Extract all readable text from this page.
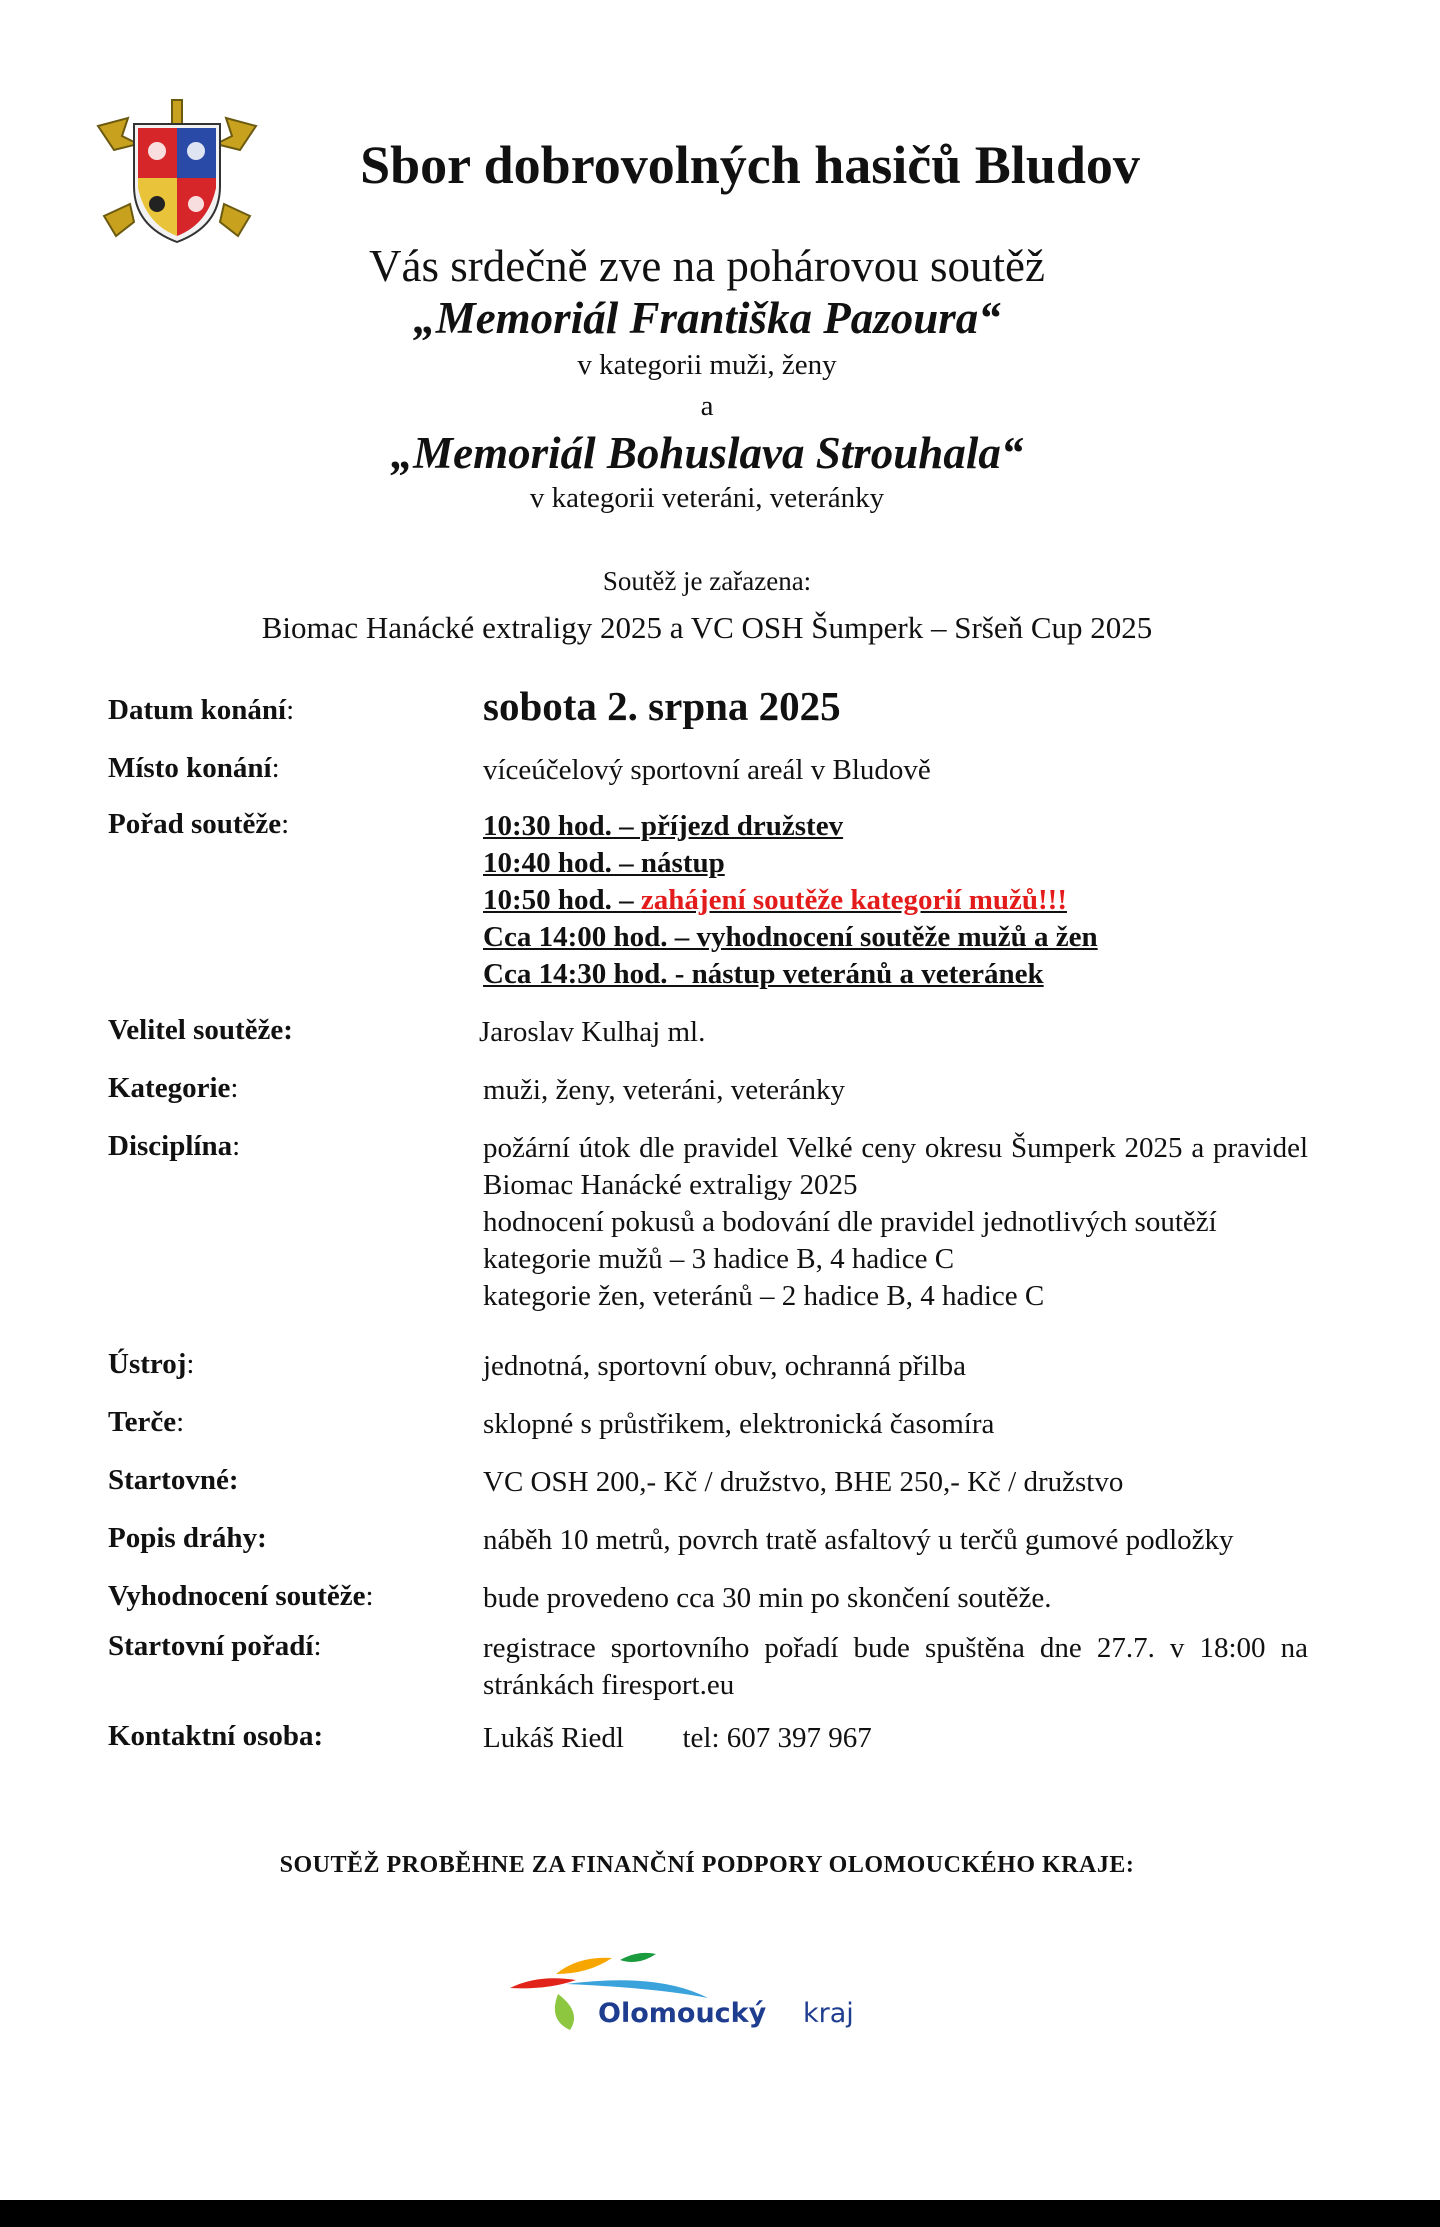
Sbor dobrovolných hasičů Bludov
Vás srdečně zve na pohárovou soutěž
„Memoriál Františka Pazoura“
v kategorii muži, ženy
a
„Memoriál Bohuslava Strouhala“
v kategorii veteráni, veteránky
Soutěž je zařazena:
Biomac Hanácké extraligy 2025 a VC OSH Šumperk – Sršeň Cup 2025
Datum konání:	sobota 2. srpna 2025
Místo konání:	víceúčelový sportovní areál v Bludově
Pořad soutěže:	10:30 hod. – příjezd družstev
10:40 hod. – nástup
10:50 hod. – zahájení soutěže kategorií mužů!!!
Cca 14:00 hod. – vyhodnocení soutěže mužů a žen
Cca 14:30 hod. - nástup veteránů a veteránek
Velitel soutěže:	Jaroslav Kulhaj ml.
Kategorie:	muži, ženy, veteráni, veteránky
Disciplína:	požární útok dle pravidel Velké ceny okresu Šumperk 2025 a pravidel Biomac Hanácké extraligy 2025
hodnocení pokusů a bodování dle pravidel jednotlivých soutěží
kategorie mužů – 3 hadice B, 4 hadice C
kategorie žen, veteránů – 2 hadice B, 4 hadice C
Ústroj:	jednotná, sportovní obuv, ochranná přilba
Terče:	sklopné s průstřikem, elektronická časomíra
Startovné:	VC OSH 200,- Kč / družstvo, BHE 250,- Kč / družstvo
Popis dráhy:	náběh 10 metrů, povrch tratě asfaltový u terčů gumové podložky
Vyhodnocení soutěže:	bude provedeno cca 30 min po skončení soutěže.
Startovní pořadí:	registrace sportovního pořadí bude spuštěna dne 27.7. v 18:00 na stránkách firesport.eu
Kontaktní osoba:	Lukáš Riedl tel: 607 397 967
SOUTĚŽ PROBĚHNE ZA FINANČNÍ PODPORY OLOMOUCKÉHO KRAJE:
Olomoucký kraj
